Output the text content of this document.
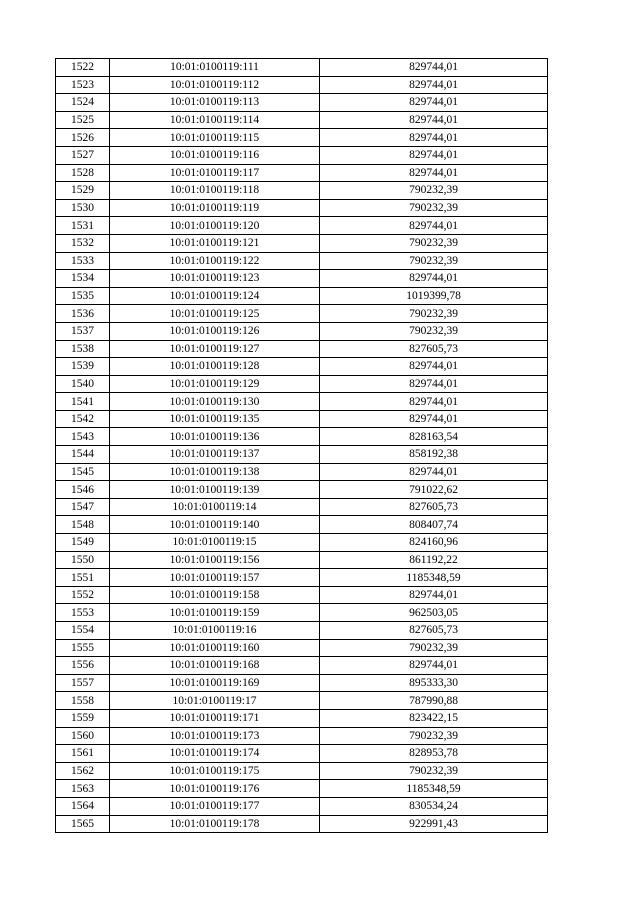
1522	10:01:0100119:111	829744,01
1523	10:01:0100119:112	829744,01
1524	10:01:0100119:113	829744,01
1525	10:01:0100119:114	829744,01
1526	10:01:0100119:115	829744,01
1527	10:01:0100119:116	829744,01
1528	10:01:0100119:117	829744,01
1529	10:01:0100119:118	790232,39
1530	10:01:0100119:119	790232,39
1531	10:01:0100119:120	829744,01
1532	10:01:0100119:121	790232,39
1533	10:01:0100119:122	790232,39
1534	10:01:0100119:123	829744,01
1535	10:01:0100119:124	1019399,78
1536	10:01:0100119:125	790232,39
1537	10:01:0100119:126	790232,39
1538	10:01:0100119:127	827605,73
1539	10:01:0100119:128	829744,01
1540	10:01:0100119:129	829744,01
1541	10:01:0100119:130	829744,01
1542	10:01:0100119:135	829744,01
1543	10:01:0100119:136	828163,54
1544	10:01:0100119:137	858192,38
1545	10:01:0100119:138	829744,01
1546	10:01:0100119:139	791022,62
1547	10:01:0100119:14	827605,73
1548	10:01:0100119:140	808407,74
1549	10:01:0100119:15	824160,96
1550	10:01:0100119:156	861192,22
1551	10:01:0100119:157	1185348,59
1552	10:01:0100119:158	829744,01
1553	10:01:0100119:159	962503,05
1554	10:01:0100119:16	827605,73
1555	10:01:0100119:160	790232,39
1556	10:01:0100119:168	829744,01
1557	10:01:0100119:169	895333,30
1558	10:01:0100119:17	787990,88
1559	10:01:0100119:171	823422,15
1560	10:01:0100119:173	790232,39
1561	10:01:0100119:174	828953,78
1562	10:01:0100119:175	790232,39
1563	10:01:0100119:176	1185348,59
1564	10:01:0100119:177	830534,24
1565	10:01:0100119:178	922991,43
